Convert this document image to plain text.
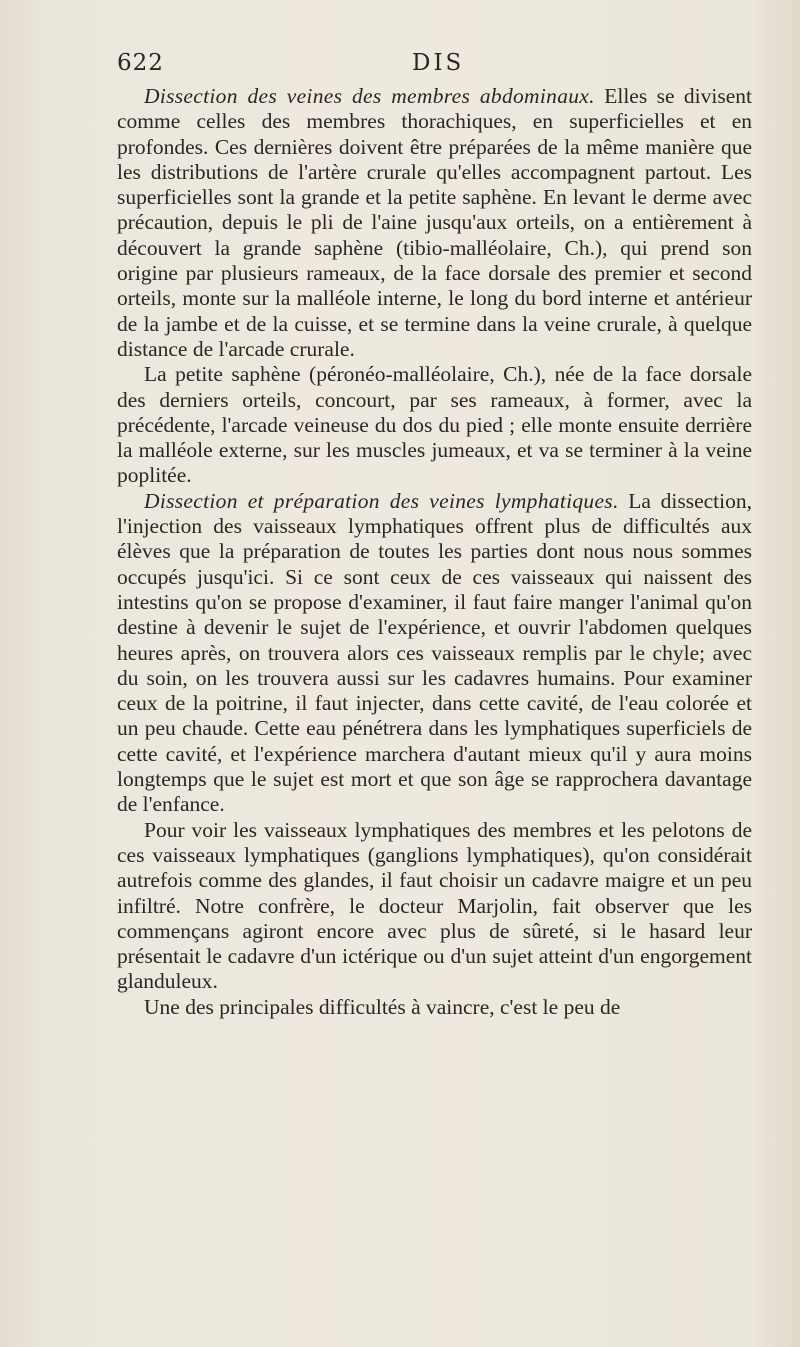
622	DIS

Dissection des veines des membres abdominaux. Elles se divisent comme celles des membres thorachiques, en superficielles et en profondes. Ces dernières doivent être préparées de la même manière que les distributions de l'artère crurale qu'elles accompagnent partout. Les superficielles sont la grande et la petite saphène. En levant le derme avec précaution, depuis le pli de l'aine jusqu'aux orteils, on a entièrement à découvert la grande saphène (tibio-malléolaire, Ch.), qui prend son origine par plusieurs rameaux, de la face dorsale des premier et second orteils, monte sur la malléole interne, le long du bord interne et antérieur de la jambe et de la cuisse, et se termine dans la veine crurale, à quelque distance de l'arcade crurale.

La petite saphène (péronéo-malléolaire, Ch.), née de la face dorsale des derniers orteils, concourt, par ses rameaux, à former, avec la précédente, l'arcade veineuse du dos du pied ; elle monte ensuite derrière la malléole externe, sur les muscles jumeaux, et va se terminer à la veine poplitée.

Dissection et préparation des veines lymphatiques. La dissection, l'injection des vaisseaux lymphatiques offrent plus de difficultés aux élèves que la préparation de toutes les parties dont nous nous sommes occupés jusqu'ici. Si ce sont ceux de ces vaisseaux qui naissent des intestins qu'on se propose d'examiner, il faut faire manger l'animal qu'on destine à devenir le sujet de l'expérience, et ouvrir l'abdomen quelques heures après, on trouvera alors ces vaisseaux remplis par le chyle; avec du soin, on les trouvera aussi sur les cadavres humains. Pour examiner ceux de la poitrine, il faut injecter, dans cette cavité, de l'eau colorée et un peu chaude. Cette eau pénétrera dans les lymphatiques superficiels de cette cavité, et l'expérience marchera d'autant mieux qu'il y aura moins longtemps que le sujet est mort et que son âge se rapprochera davantage de l'enfance.

Pour voir les vaisseaux lymphatiques des membres et les pelotons de ces vaisseaux lymphatiques (ganglions lymphatiques), qu'on considérait autrefois comme des glandes, il faut choisir un cadavre maigre et un peu infiltré. Notre confrère, le docteur Marjolin, fait observer que les commençans agiront encore avec plus de sûreté, si le hasard leur présentait le cadavre d'un ictérique ou d'un sujet atteint d'un engorgement glanduleux.

Une des principales difficultés à vaincre, c'est le peu de
